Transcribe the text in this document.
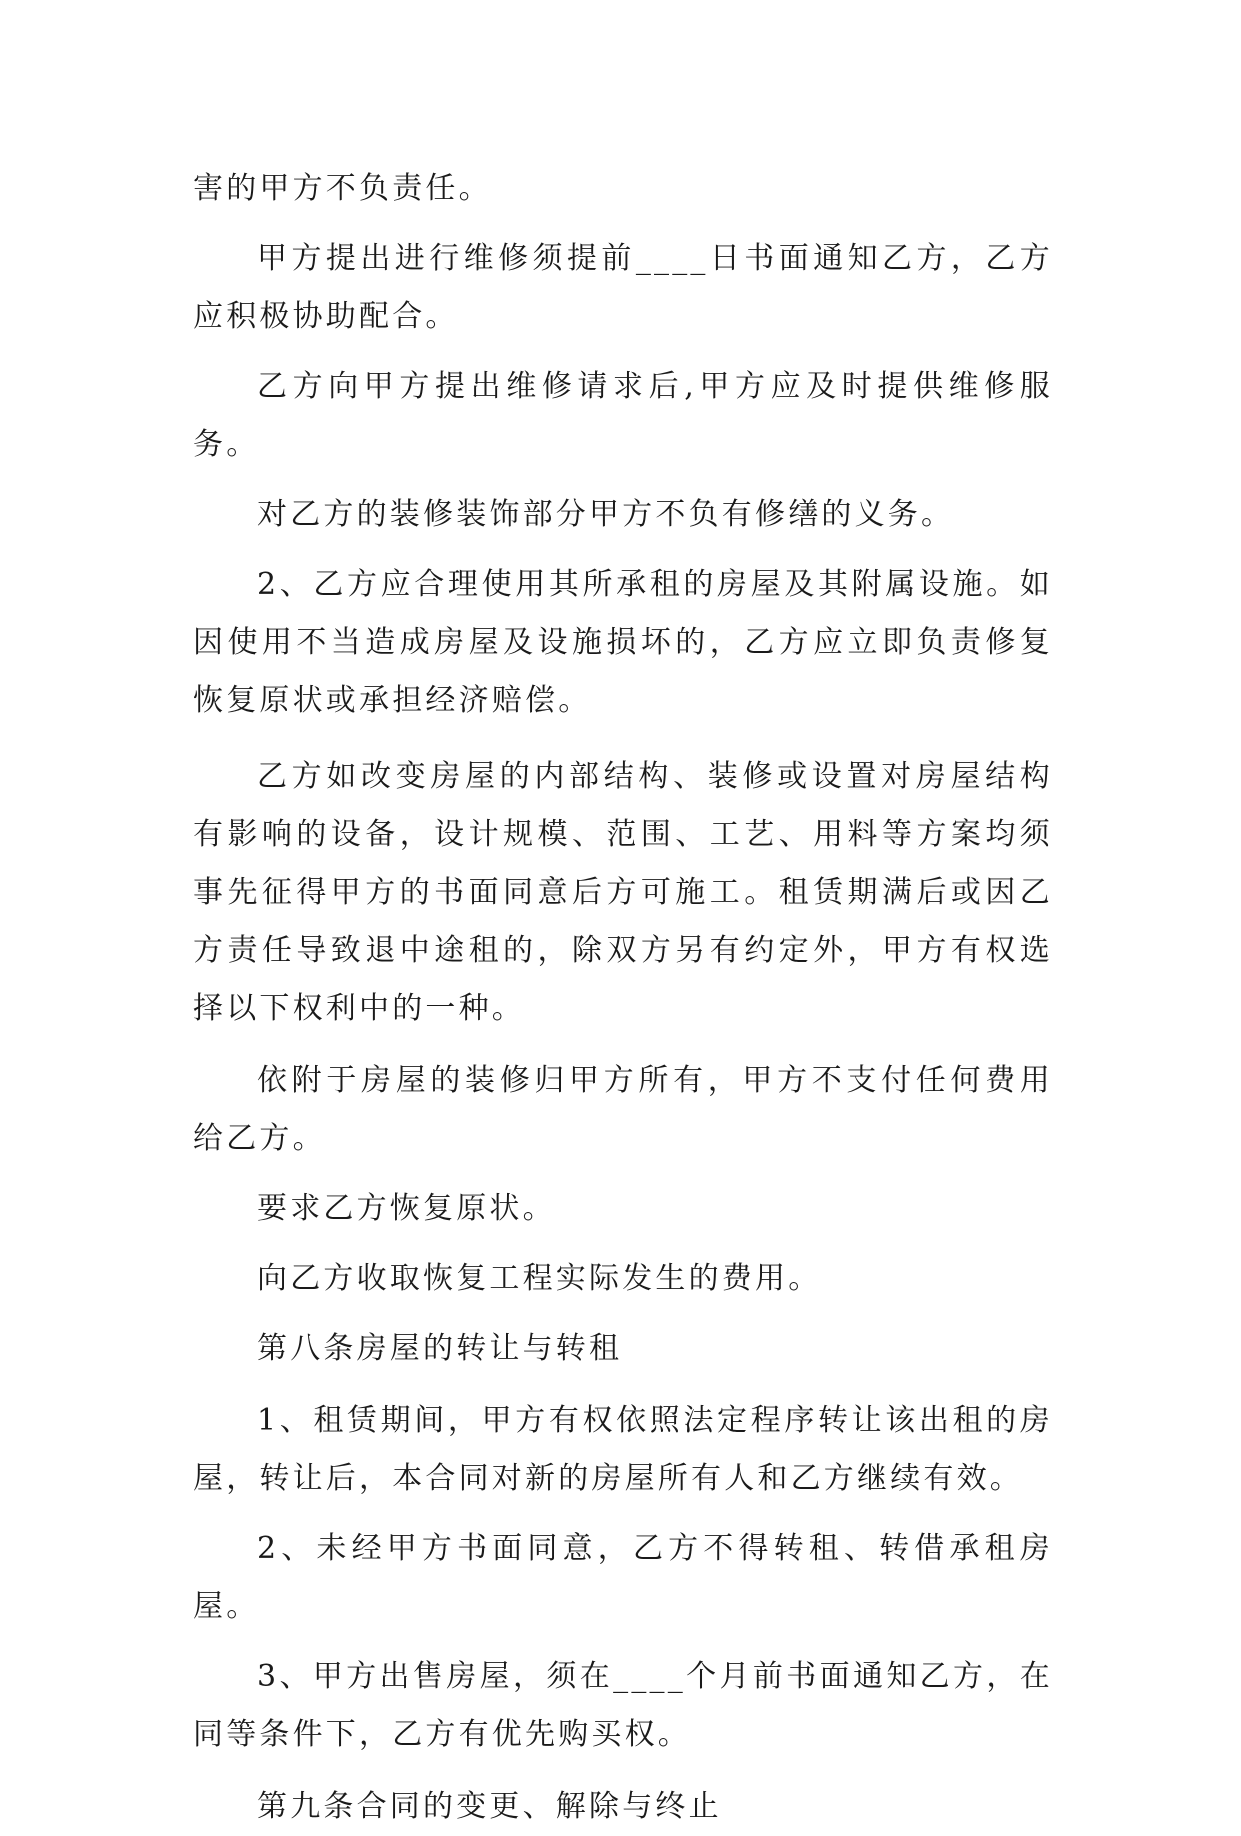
害的甲方不负责任。

甲方提出进行维修须提前____日书面通知乙方，乙方应积极协助配合。

乙方向甲方提出维修请求后,甲方应及时提供维修服务。

对乙方的装修装饰部分甲方不负有修缮的义务。

2、乙方应合理使用其所承租的房屋及其附属设施。如因使用不当造成房屋及设施损坏的，乙方应立即负责修复恢复原状或承担经济赔偿。

乙方如改变房屋的内部结构、装修或设置对房屋结构有影响的设备，设计规模、范围、工艺、用料等方案均须事先征得甲方的书面同意后方可施工。租赁期满后或因乙方责任导致退中途租的，除双方另有约定外，甲方有权选择以下权利中的一种。

依附于房屋的装修归甲方所有，甲方不支付任何费用给乙方。

要求乙方恢复原状。

向乙方收取恢复工程实际发生的费用。

第八条房屋的转让与转租

1、租赁期间，甲方有权依照法定程序转让该出租的房屋，转让后，本合同对新的房屋所有人和乙方继续有效。

2、未经甲方书面同意，乙方不得转租、转借承租房屋。

3、甲方出售房屋，须在____个月前书面通知乙方，在同等条件下，乙方有优先购买权。

第九条合同的变更、解除与终止
